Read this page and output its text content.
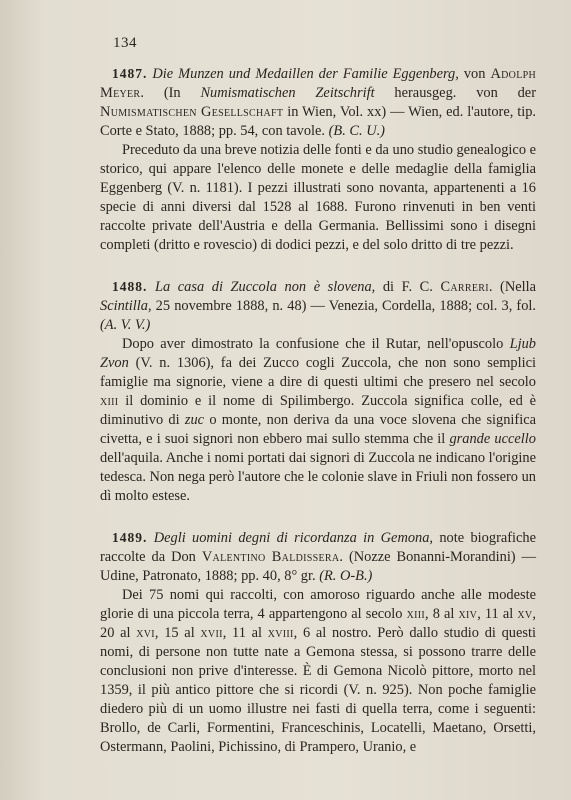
134

1487. Die Munzen und Medaillen der Familie Eggenberg, von Adolph Meyer. (In Numismatischen Zeitschrift herausgeg. von der Numismatischen Gesellschaft in Wien, Vol. xx) — Wien, ed. l'autore, tip. Corte e Stato, 1888; pp. 54, con tavole. (B. C. U.)

Preceduto da una breve notizia delle fonti e da uno studio genealogico e storico, qui appare l'elenco delle monete e delle medaglie della famiglia Eggenberg (V. n. 1181). I pezzi illustrati sono novanta, appartenenti a 16 specie di anni diversi dal 1528 al 1688. Furono rinvenuti in ben venti raccolte private dell'Austria e della Germania. Bellissimi sono i disegni completi (dritto e rovescio) di dodici pezzi, e del solo dritto di tre pezzi.

1488. La casa di Zuccola non è slovena, di F. C. Carreri. (Nella Scintilla, 25 novembre 1888, n. 48) — Venezia, Cordella, 1888; col. 3, fol. (A. V. V.)

Dopo aver dimostrato la confusione che il Rutar, nell'opuscolo Ljub Zvon (V. n. 1306), fa dei Zucco cogli Zuccola, che non sono semplici famiglie ma signorie, viene a dire di questi ultimi che presero nel secolo xiii il dominio e il nome di Spilimbergo. Zuccola significa colle, ed è diminutivo di zuc o monte, non deriva da una voce slovena che significa civetta, e i suoi signori non ebbero mai sullo stemma che il grande uccello dell'aquila. Anche i nomi portati dai signori di Zuccola ne indicano l'origine tedesca. Non nega però l'autore che le colonie slave in Friuli non fossero un dì molto estese.

1489. Degli uomini degni di ricordanza in Gemona, note biografiche raccolte da Don Valentino Baldissera. (Nozze Bonanni-Morandini) — Udine, Patronato, 1888; pp. 40, 8° gr. (R. O-B.)

Dei 75 nomi qui raccolti, con amoroso riguardo anche alle modeste glorie di una piccola terra, 4 appartengono al secolo xiii, 8 al xiv, 11 al xv, 20 al xvi, 15 al xvii, 11 al xviii, 6 al nostro. Però dallo studio di questi nomi, di persone non tutte nate a Gemona stessa, si possono trarre delle conclusioni non prive d'interesse. È di Gemona Nicolò pittore, morto nel 1359, il più antico pittore che si ricordi (V. n. 925). Non poche famiglie diedero più di un uomo illustre nei fasti di quella terra, come i seguenti: Brollo, de Carli, Formentini, Franceschinis, Locatelli, Maetano, Orsetti, Ostermann, Paolini, Pichissino, di Prampero, Uranio, e
